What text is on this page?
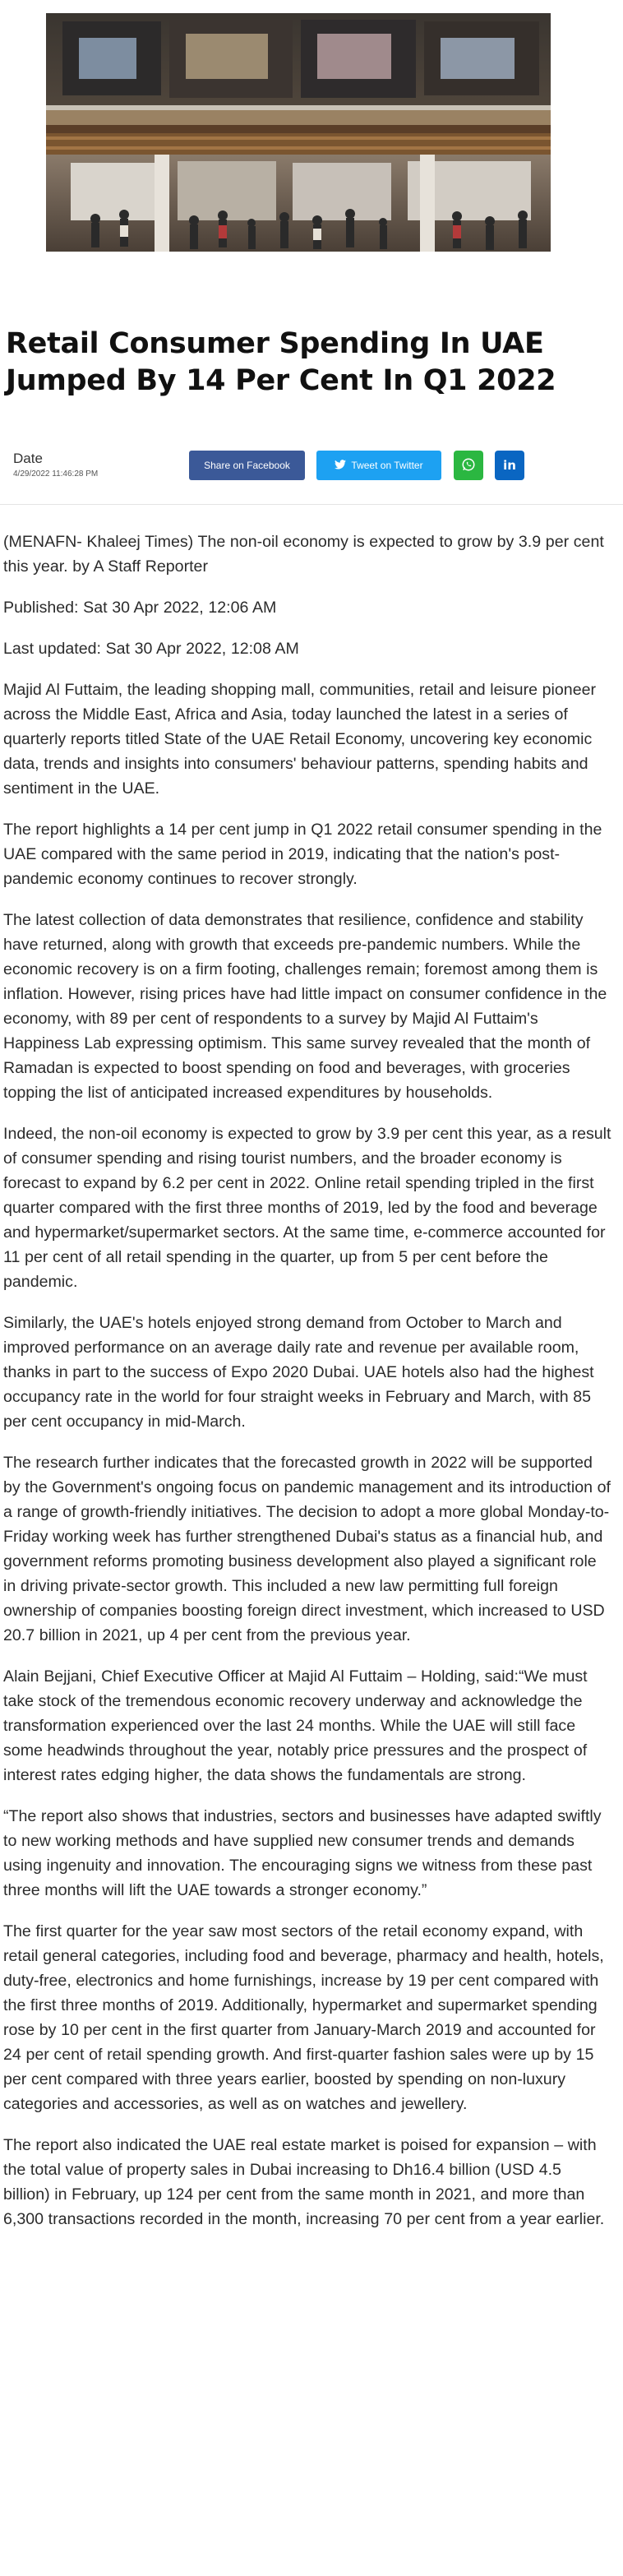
Retail Consumer Spending In UAE Jumped By 14 Per Cent In Q1 2022
Date
4/29/2022 11:46:28 PM
Share on Facebook	Tweet on Twitter	in

(MENAFN- Khaleej Times) The non-oil economy is expected to grow by 3.9 per cent this year. by A Staff Reporter

Published: Sat 30 Apr 2022, 12:06 AM

Last updated: Sat 30 Apr 2022, 12:08 AM

Majid Al Futtaim, the leading shopping mall, communities, retail and leisure pioneer across the Middle East, Africa and Asia, today launched the latest in a series of quarterly reports titled State of the UAE Retail Economy, uncovering key economic data, trends and insights into consumers' behaviour patterns, spending habits and sentiment in the UAE.

The report highlights a 14 per cent jump in Q1 2022 retail consumer spending in the UAE compared with the same period in 2019, indicating that the nation's post-pandemic economy continues to recover strongly.

The latest collection of data demonstrates that resilience, confidence and stability have returned, along with growth that exceeds pre-pandemic numbers. While the economic recovery is on a firm footing, challenges remain; foremost among them is inflation. However, rising prices have had little impact on consumer confidence in the economy, with 89 per cent of respondents to a survey by Majid Al Futtaim's Happiness Lab expressing optimism. This same survey revealed that the month of Ramadan is expected to boost spending on food and beverages, with groceries topping the list of anticipated increased expenditures by households.

Indeed, the non-oil economy is expected to grow by 3.9 per cent this year, as a result of consumer spending and rising tourist numbers, and the broader economy is forecast to expand by 6.2 per cent in 2022. Online retail spending tripled in the first quarter compared with the first three months of 2019, led by the food and beverage and hypermarket/supermarket sectors. At the same time, e-commerce accounted for 11 per cent of all retail spending in the quarter, up from 5 per cent before the pandemic.

Similarly, the UAE's hotels enjoyed strong demand from October to March and improved performance on an average daily rate and revenue per available room, thanks in part to the success of Expo 2020 Dubai. UAE hotels also had the highest occupancy rate in the world for four straight weeks in February and March, with 85 per cent occupancy in mid-March.

The research further indicates that the forecasted growth in 2022 will be supported by the Government's ongoing focus on pandemic management and its introduction of a range of growth-friendly initiatives. The decision to adopt a more global Monday-to-Friday working week has further strengthened Dubai's status as a financial hub, and government reforms promoting business development also played a significant role in driving private-sector growth. This included a new law permitting full foreign ownership of companies boosting foreign direct investment, which increased to USD 20.7 billion in 2021, up 4 per cent from the previous year.

Alain Bejjani, Chief Executive Officer at Majid Al Futtaim – Holding, said:“We must take stock of the tremendous economic recovery underway and acknowledge the transformation experienced over the last 24 months. While the UAE will still face some headwinds throughout the year, notably price pressures and the prospect of interest rates edging higher, the data shows the fundamentals are strong.

“The report also shows that industries, sectors and businesses have adapted swiftly to new working methods and have supplied new consumer trends and demands using ingenuity and innovation. The encouraging signs we witness from these past three months will lift the UAE towards a stronger economy.”

The first quarter for the year saw most sectors of the retail economy expand, with retail general categories, including food and beverage, pharmacy and health, hotels, duty-free, electronics and home furnishings, increase by 19 per cent compared with the first three months of 2019. Additionally, hypermarket and supermarket spending rose by 10 per cent in the first quarter from January-March 2019 and accounted for 24 per cent of retail spending growth. And first-quarter fashion sales were up by 15 per cent compared with three years earlier, boosted by spending on non-luxury categories and accessories, as well as on watches and jewellery.

The report also indicated the UAE real estate market is poised for expansion – with the total value of property sales in Dubai increasing to Dh16.4 billion (USD 4.5 billion) in February, up 124 per cent from the same month in 2021, and more than 6,300 transactions recorded in the month, increasing 70 per cent from a year earlier.
